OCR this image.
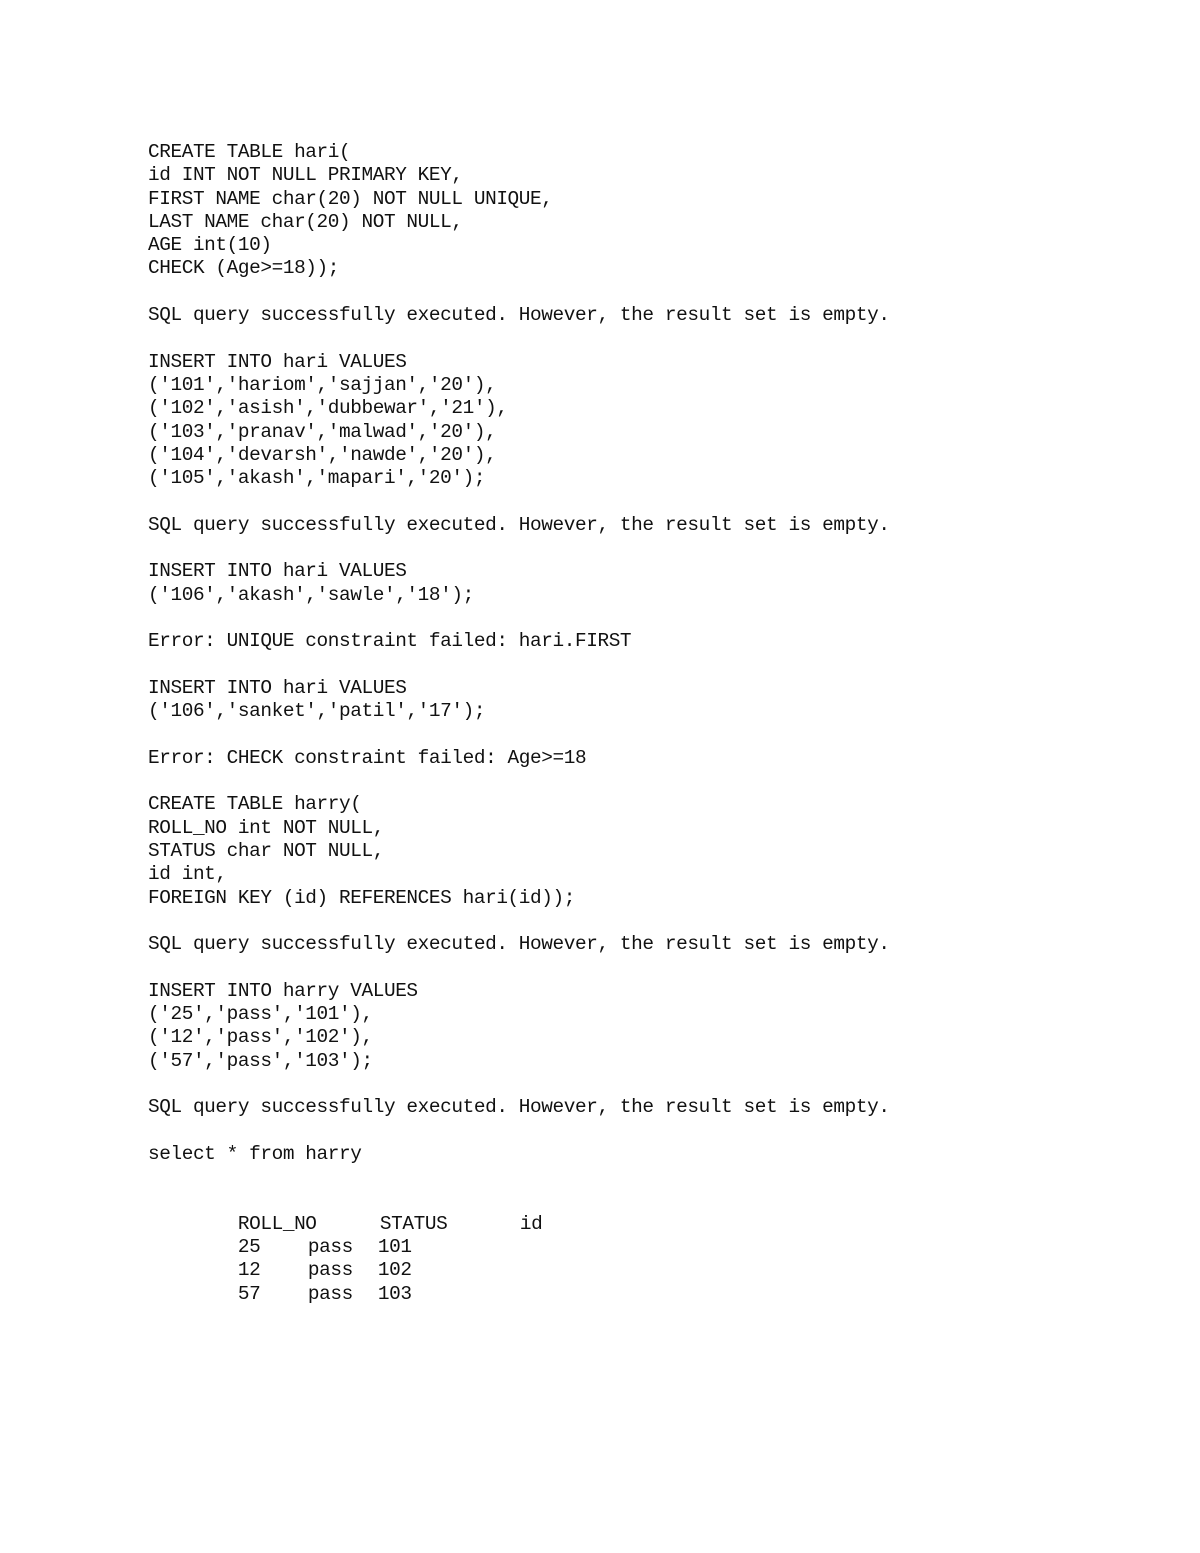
CREATE TABLE hari(
id INT NOT NULL PRIMARY KEY,
FIRST NAME char(20) NOT NULL UNIQUE,
LAST NAME char(20) NOT NULL,
AGE int(10)
CHECK (Age>=18));
SQL query successfully executed. However, the result set is empty.
INSERT INTO hari VALUES
('101','hariom','sajjan','20'),
('102','asish','dubbewar','21'),
('103','pranav','malwad','20'),
('104','devarsh','nawde','20'),
('105','akash','mapari','20');
SQL query successfully executed. However, the result set is empty.
INSERT INTO hari VALUES
('106','akash','sawle','18');
Error: UNIQUE constraint failed: hari.FIRST
INSERT INTO hari VALUES
('106','sanket','patil','17');
Error: CHECK constraint failed: Age>=18
CREATE TABLE harry(
ROLL_NO int NOT NULL,
STATUS char NOT NULL,
id int,
FOREIGN KEY (id) REFERENCES hari(id));
SQL query successfully executed. However, the result set is empty.
INSERT INTO harry VALUES
('25','pass','101'),
('12','pass','102'),
('57','pass','103');
SQL query successfully executed. However, the result set is empty.
select * from harry

ROLL_NO	STATUS	id

25 pass 101

12 pass 102

57 pass 103
